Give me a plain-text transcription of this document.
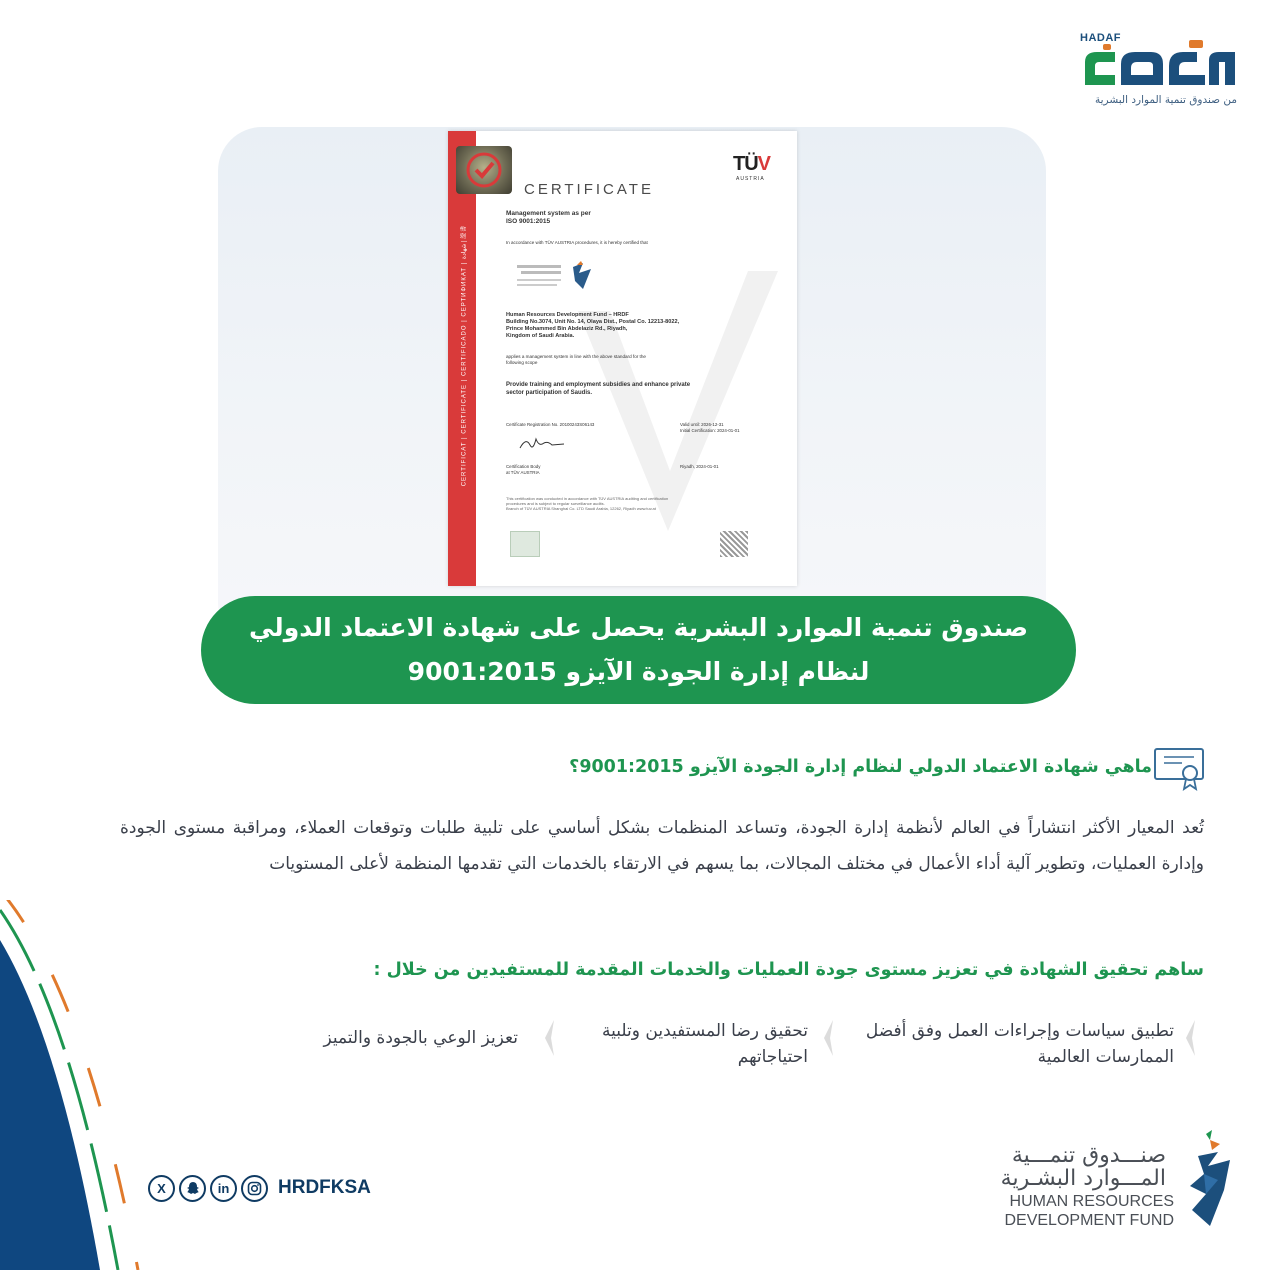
HADAF
من صندوق تنمية الموارد البشرية
CERTIFICAT | CERTIFICATE | CERTIFICADO | СЕРТИФИКАТ | شهادة | 證書
CERTIFICATE
TÜV
AUSTRIA
Management system as per
ISO 9001:2015
In accordance with TÜV AUSTRIA procedures, it is hereby certified that
Human Resources Development Fund – HRDF
Building No.3074, Unit No. 14, Olaya Dist., Postal Co. 12213-8022,
Prince Mohammed Bin Abdelaziz Rd., Riyadh,
Kingdom of Saudi Arabia.
applies a management system in line with the above standard for the
following scope
Provide training and employment subsidies and enhance private
sector participation of Saudis.
Certificate Registration No. 20100243S06143	Valid until: 2026-12-31
Initial Certification: 2024-01-01
Certification Body
at TÜV AUSTRIA
Riyadh, 2024-01-01
This certification was conducted in accordance with TÜV AUSTRIA auditing and certification
procedures and is subject to regular surveillance audits.
Branch of TÜV AUSTRIA Shanghai Co. LTD Saudi Arabia, 12262, Riyadh www.tuv.at
صندوق تنمية الموارد البشرية يحصل على شهادة الاعتماد الدولي
لنظام إدارة الجودة الآيزو 9001:2015
ماهي شهادة الاعتماد الدولي لنظام إدارة الجودة الآيزو 9001:2015؟
تُعد المعيار الأكثر انتشاراً في العالم لأنظمة إدارة الجودة، وتساعد المنظمات بشكل أساسي على تلبية طلبات وتوقعات العملاء، ومراقبة مستوى الجودة وإدارة العمليات، وتطوير آلية أداء الأعمال في مختلف المجالات، بما يسهم في الارتقاء بالخدمات التي تقدمها المنظمة لأعلى المستويات
ساهم تحقيق الشهادة في تعزيز مستوى جودة العمليات والخدمات المقدمة للمستفيدين من خلال :
تطبيق سياسات وإجراءات العمل وفق أفضل الممارسات العالمية
تحقيق رضا المستفيدين وتلبية احتياجاتهم
تعزيز الوعي بالجودة والتميز
X	in	HRDFKSA
صنـــدوق تنمـــية
المـــوارد البشـرية
HUMAN RESOURCES
DEVELOPMENT FUND
